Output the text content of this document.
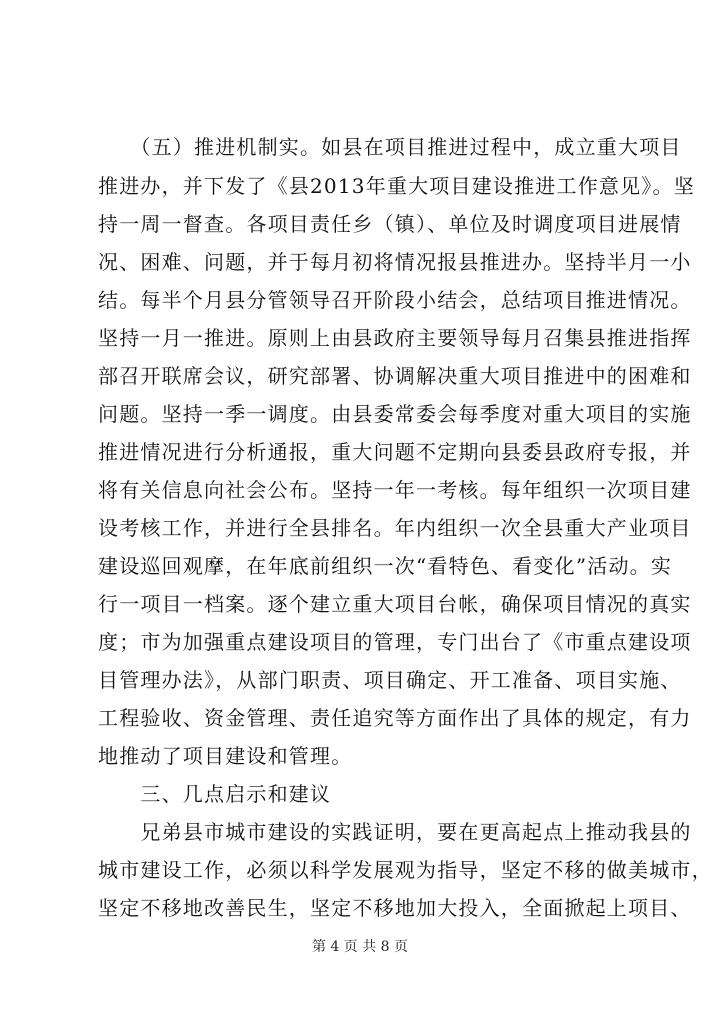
　　（五）推进机制实。如县在项目推进过程中，成立重大项目
推进办，并下发了《县2013年重大项目建设推进工作意见》。坚
持一周一督查。各项目责任乡（镇）、单位及时调度项目进展情
况、困难、问题，并于每月初将情况报县推进办。坚持半月一小
结。每半个月县分管领导召开阶段小结会，总结项目推进情况。
坚持一月一推进。原则上由县政府主要领导每月召集县推进指挥
部召开联席会议，研究部署、协调解决重大项目推进中的困难和
问题。坚持一季一调度。由县委常委会每季度对重大项目的实施
推进情况进行分析通报，重大问题不定期向县委县政府专报，并
将有关信息向社会公布。坚持一年一考核。每年组织一次项目建
设考核工作，并进行全县排名。年内组织一次全县重大产业项目
建设巡回观摩，在年底前组织一次“看特色、看变化”活动。实
行一项目一档案。逐个建立重大项目台帐，确保项目情况的真实
度；市为加强重点建设项目的管理，专门出台了《市重点建设项
目管理办法》，从部门职责、项目确定、开工准备、项目实施、
工程验收、资金管理、责任追究等方面作出了具体的规定，有力
地推动了项目建设和管理。
　　三、几点启示和建议
　　兄弟县市城市建设的实践证明，要在更高起点上推动我县的
城市建设工作，必须以科学发展观为指导，坚定不移的做美城市，
坚定不移地改善民生，坚定不移地加大投入，全面掀起上项目、
第 4 页 共 8 页
